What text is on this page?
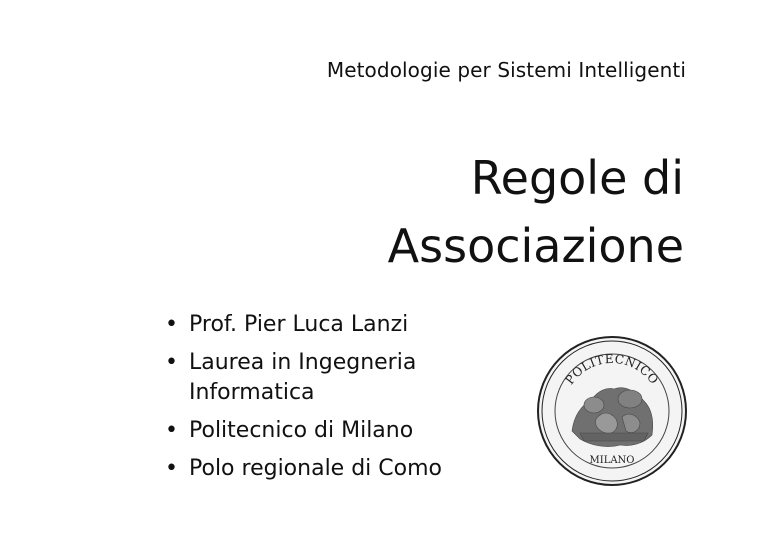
Metodologie per Sistemi Intelligenti
Regole di
Associazione
• Prof. Pier Luca Lanzi
• Laurea in Ingegneria Informatica
• Politecnico di Milano
• Polo regionale di Como
POLITECNICO
MILANO
